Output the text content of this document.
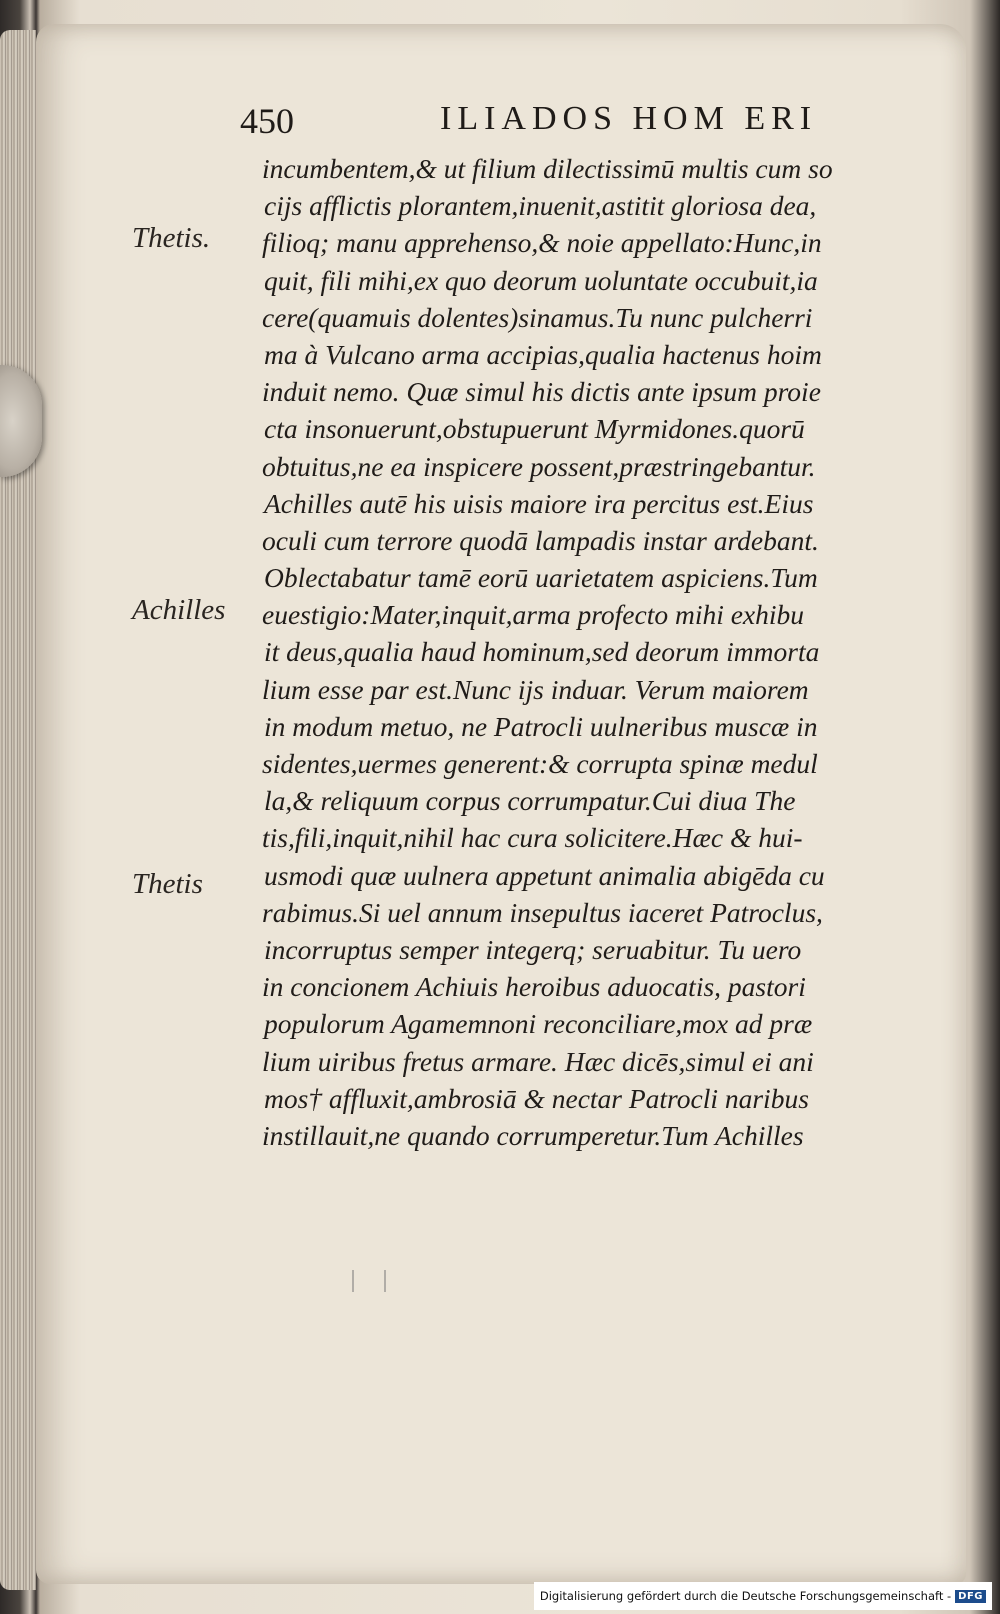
450	ILIADOS HOM ERI
Thetis.
Achilles
Thetis
incumbentem,& ut filium dilectissimū multis cum so
cijs afflictis plorantem,inuenit,astitit gloriosa dea,
filioq; manu apprehenso,& noie appellato:Hunc,in
quit, fili mihi,ex quo deorum uoluntate occubuit,ia
cere(quamuis dolentes)sinamus.Tu nunc pulcherri
ma à Vulcano arma accipias,qualia hactenus hoim
induit nemo. Quæ simul his dictis ante ipsum proie
cta insonuerunt,obstupuerunt Myrmidones.quorū
obtuitus,ne ea inspicere possent,præstringebantur.
Achilles autē his uisis maiore ira percitus est.Eius
oculi cum terrore quodā lampadis instar ardebant.
Oblectabatur tamē eorū uarietatem aspiciens.Tum
euestigio:Mater,inquit,arma profecto mihi exhibu
it deus,qualia haud hominum,sed deorum immorta
lium esse par est.Nunc ijs induar. Verum maiorem
in modum metuo, ne Patrocli uulneribus muscæ in
sidentes,uermes generent:& corrupta spinæ medul
la,& reliquum corpus corrumpatur.Cui diua The
tis,fili,inquit,nihil hac cura solicitere.Hæc & hui-
usmodi quæ uulnera appetunt animalia abigēda cu
rabimus.Si uel annum insepultus iaceret Patroclus,
incorruptus semper integerq; seruabitur. Tu uero
in concionem Achiuis heroibus aduocatis, pastori
populorum Agamemnoni reconciliare,mox ad præ
lium uiribus fretus armare. Hæc dicēs,simul ei ani
mos† affluxit,ambrosiā & nectar Patrocli naribus
instillauit,ne quando corrumperetur.Tum Achilles
Digitalisierung gefördert durch die Deutsche Forschungsgemeinschaft - DFG
